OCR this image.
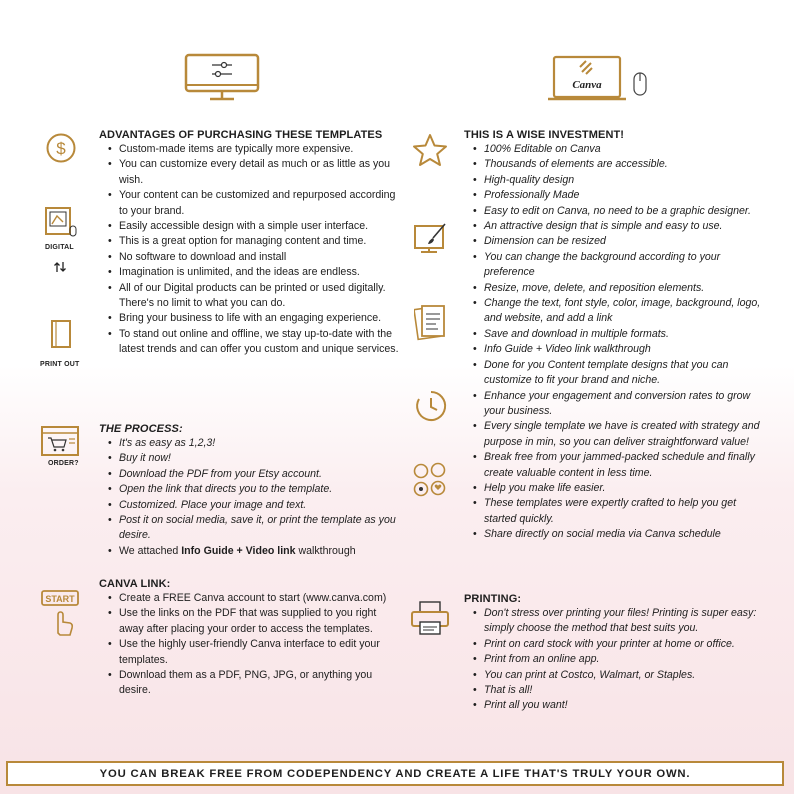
Canva
$
DIGITAL
PRINT OUT
ORDER?
START
ADVANTAGES OF PURCHASING THESE TEMPLATES
• Custom-made items are typically more expensive.
• You can customize every detail as much or as little as you wish.
• Your content can be customized and repurposed according to your brand.
• Easily accessible design with a simple user interface.
• This is a great option for managing content and time.
• No software to download and install
• Imagination is unlimited, and the ideas are endless.
• All of our Digital products can be printed or used digitally. There's no limit to what you can do.
• Bring your business to life with an engaging experience.
• To stand out online and offline, we stay up-to-date with the latest trends and can offer you custom and unique services.
THE PROCESS:
• It's as easy as 1,2,3!
• Buy it now!
• Download the PDF from your Etsy account.
• Open the link that directs you to the template.
• Customized. Place your image and text.
• Post it on social media, save it, or print the template as you desire.
• We attached Info Guide + Video link walkthrough
CANVA LINK:
• Create a FREE Canva account to start (www.canva.com)
• Use the links on the PDF that was supplied to you right away after placing your order to access the templates.
• Use the highly user-friendly Canva interface to edit your templates.
• Download them as a PDF, PNG, JPG, or anything you desire.
THIS IS A WISE INVESTMENT!
• 100% Editable on Canva
• Thousands of elements are accessible.
• High-quality design
• Professionally Made
• Easy to edit on Canva, no need to be a graphic designer.
• An attractive design that is simple and easy to use.
• Dimension can be resized
• You can change the background according to your preference
• Resize, move, delete, and reposition elements.
• Change the text, font style, color, image, background, logo, and website, and add a link
• Save and download in multiple formats.
• Info Guide + Video link walkthrough
• Done for you Content template designs that you can customize to fit your brand and niche.
• Enhance your engagement and conversion rates to grow your business.
• Every single template we have is created with strategy and purpose in min, so you can deliver straightforward value!
• Break free from your jammed-packed schedule and finally create valuable content in less time.
• Help you make life easier.
• These templates were expertly crafted to help you get started quickly.
• Share directly on social media via Canva schedule
PRINTING:
• Don't stress over printing your files! Printing is super easy: simply choose the method that best suits you.
• Print on card stock with your printer at home or office.
• Print from an online app.
• You can print at Costco, Walmart, or Staples.
• That is all!
• Print all you want!
YOU CAN BREAK FREE FROM CODEPENDENCY AND CREATE A LIFE THAT'S TRULY YOUR OWN.
